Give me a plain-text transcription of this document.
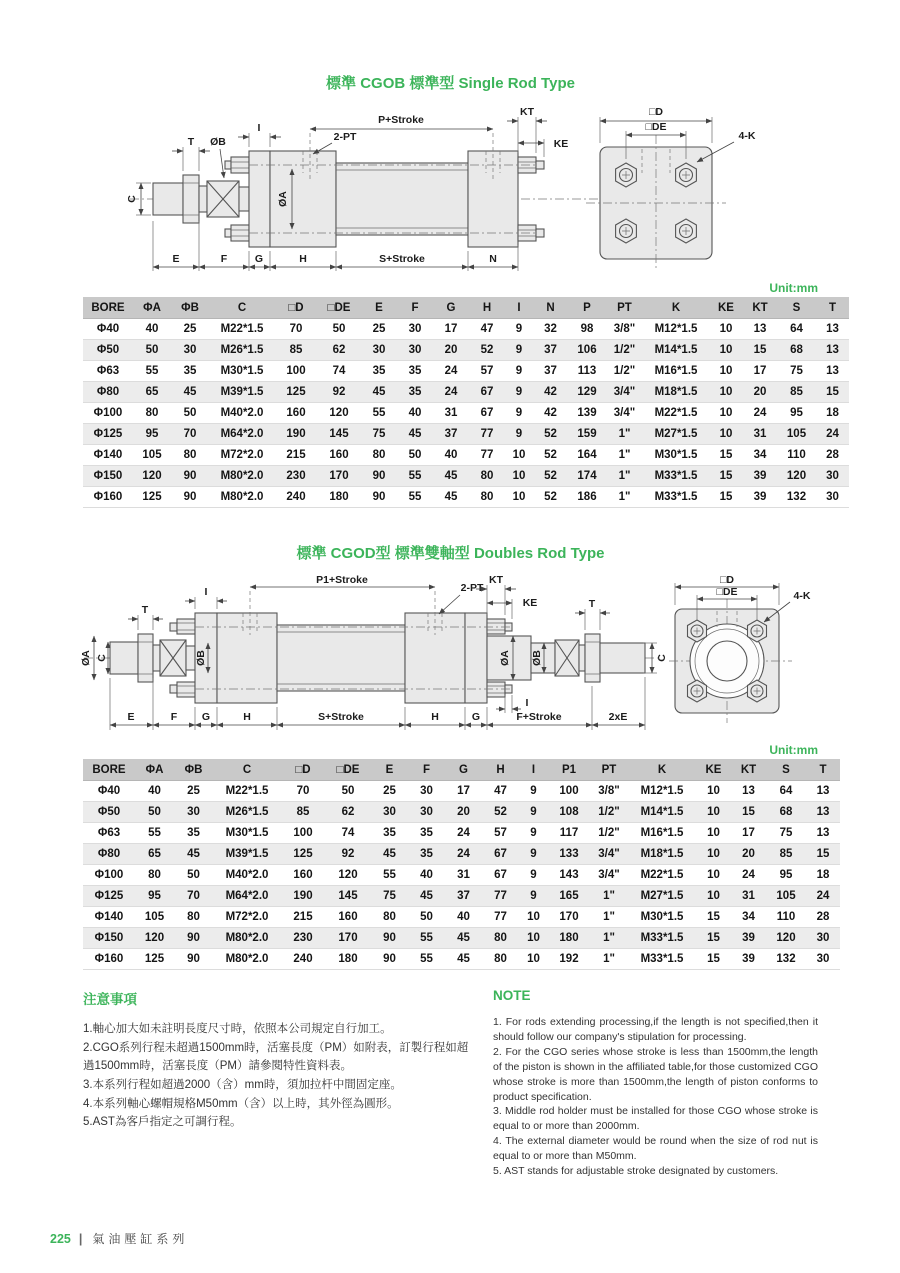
標準 CGOB 標準型 Single Rod Type
P+Stroke
I
2-PT
KT
KE
T ØB
C	ØA
E	F	G	H	S+Stroke	N
□D
□DE
4-K
Unit:mm
BORE	ΦA	ΦB	C	□D	□DE	E	F	G	H	I	N	P	PT	K	KE	KT	S	T
Φ40	40	25	M22*1.5	70	50	25	30	17	47	9	32	98	3/8"	M12*1.5	10	13	64	13
Φ50	50	30	M26*1.5	85	62	30	30	20	52	9	37	106	1/2"	M14*1.5	10	15	68	13
Φ63	55	35	M30*1.5	100	74	35	35	24	57	9	37	113	1/2"	M16*1.5	10	17	75	13
Φ80	65	45	M39*1.5	125	92	45	35	24	67	9	42	129	3/4"	M18*1.5	10	20	85	15
Φ100	80	50	M40*2.0	160	120	55	40	31	67	9	42	139	3/4"	M22*1.5	10	24	95	18
Φ125	95	70	M64*2.0	190	145	75	45	37	77	9	52	159	1"	M27*1.5	10	31	105	24
Φ140	105	80	M72*2.0	215	160	80	50	40	77	10	52	164	1"	M30*1.5	15	34	110	28
Φ150	120	90	M80*2.0	230	170	90	55	45	80	10	52	174	1"	M33*1.5	15	39	120	30
Φ160	125	90	M80*2.0	240	180	90	55	45	80	10	52	186	1"	M33*1.5	15	39	132	30
標準 CGOD型 標準雙軸型 Doubles Rod Type
T
I
P1+Stroke
2-PT
KT
KE	T
ØA C	ØB	ØA ØB	C
I
E	F G	H	S+Stroke	H	G	F+Stroke	2xE
□D
□DE	4-K
Unit:mm
BORE	ΦA	ΦB	C	□D	□DE	E	F	G	H	I	P1	PT	K	KE	KT	S	T
Φ40	40	25	M22*1.5	70	50	25	30	17	47	9	100	3/8"	M12*1.5	10	13	64	13
Φ50	50	30	M26*1.5	85	62	30	30	20	52	9	108	1/2"	M14*1.5	10	15	68	13
Φ63	55	35	M30*1.5	100	74	35	35	24	57	9	117	1/2"	M16*1.5	10	17	75	13
Φ80	65	45	M39*1.5	125	92	45	35	24	67	9	133	3/4"	M18*1.5	10	20	85	15
Φ100	80	50	M40*2.0	160	120	55	40	31	67	9	143	3/4"	M22*1.5	10	24	95	18
Φ125	95	70	M64*2.0	190	145	75	45	37	77	9	165	1"	M27*1.5	10	31	105	24
Φ140	105	80	M72*2.0	215	160	80	50	40	77	10	170	1"	M30*1.5	15	34	110	28
Φ150	120	90	M80*2.0	230	170	90	55	45	80	10	180	1"	M33*1.5	15	39	120	30
Φ160	125	90	M80*2.0	240	180	90	55	45	80	10	192	1"	M33*1.5	15	39	132	30
注意事項
1.軸心加大如未註明長度尺寸時，依照本公司規定自行加工。
2.CGO系列行程未超過1500mm時，活塞長度（PM）如附表，訂製行程如超過1500mm時，活塞長度（PM）請參閱特性資料表。
3.本系列行程如超過2000（含）mm時，須加拉杆中間固定座。
4.本系列軸心螺帽規格M50mm（含）以上時，其外徑為圓形。
5.AST為客戶指定之可調行程。
NOTE
1. For rods extending processing,if the length is not specified,then it should follow our company's stipulation for processing.
2. For the CGO series whose stroke is less than 1500mm,the length of the piston is shown in the affiliated table,for those customized CGO whose stroke is more than 1500mm,the length of piston conforms to product specification.
3. Middle rod holder must be installed for those CGO whose stroke is equal to or more than 2000mm.
4. The external diameter would be round when the size of rod nut is equal to or more than M50mm.
5. AST stands for adjustable stroke designated by customers.
225 | 氣油壓缸系列
